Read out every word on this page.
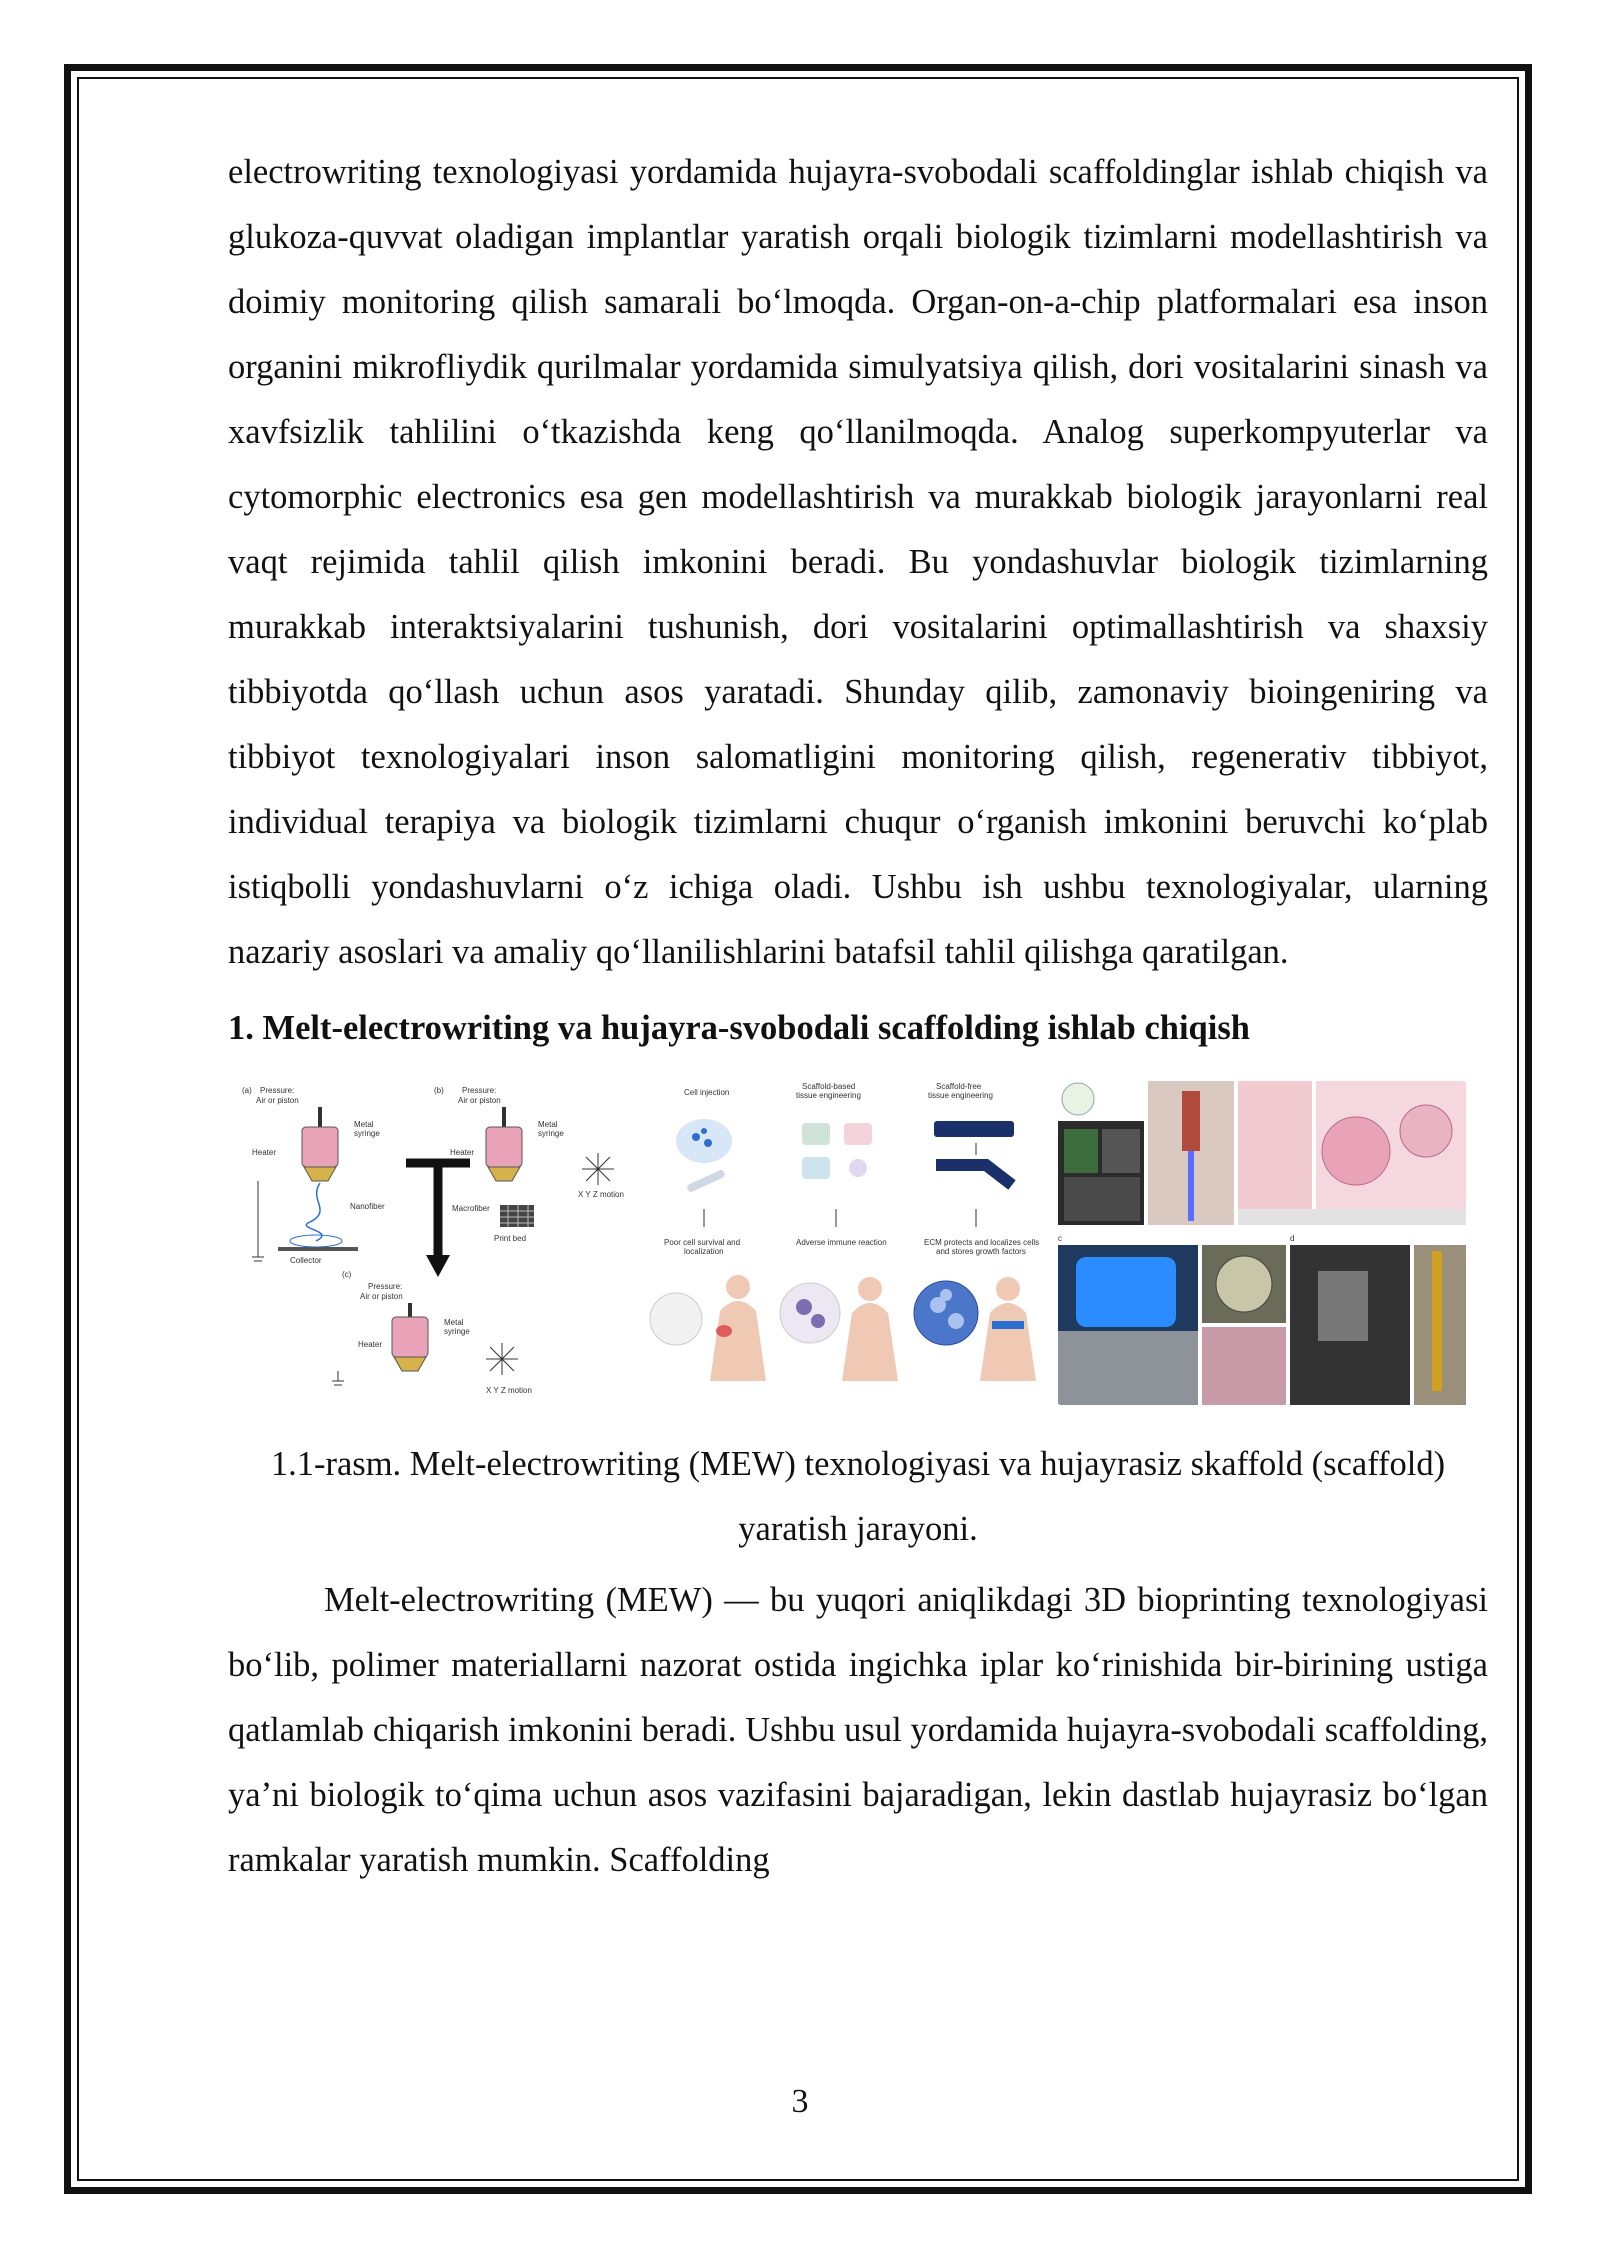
electrowriting texnologiyasi yordamida hujayra-svobodali scaffoldinglar ishlab chiqish va glukoza-quvvat oladigan implantlar yaratish orqali biologik tizimlarni modellashtirish va doimiy monitoring qilish samarali boʻlmoqda. Organ-on-a-chip platformalari esa inson organini mikrofliydik qurilmalar yordamida simulyatsiya qilish, dori vositalarini sinash va xavfsizlik tahlilini oʻtkazishda keng qoʻllanilmoqda. Analog superkompyuterlar va cytomorphic electronics esa gen modellashtirish va murakkab biologik jarayonlarni real vaqt rejimida tahlil qilish imkonini beradi. Bu yondashuvlar biologik tizimlarning murakkab interaktsiyalarini tushunish, dori vositalarini optimallashtirish va shaxsiy tibbiyotda qoʻllash uchun asos yaratadi. Shunday qilib, zamonaviy bioingeniring va tibbiyot texnologiyalari inson salomatligini monitoring qilish, regenerativ tibbiyot, individual terapiya va biologik tizimlarni chuqur oʻrganish imkonini beruvchi koʻplab istiqbolli yondashuvlarni oʻz ichiga oladi. Ushbu ish ushbu texnologiyalar, ularning nazariy asoslari va amaliy qoʻllanilishlarini batafsil tahlil qilishga qaratilgan.

1. Melt-electrowriting va hujayra-svobodali scaffolding ishlab chiqish
(a) Pressure:
Air or piston
Metal
syringe
Heater
Nanofiber
Collector
(b) Pressure:
Air or piston
Metal
syringe
Heater
Macrofiber
Print bed
X Y Z motion
(c)
Pressure:
Air or piston
Metal
syringe
Heater
X Y Z motion
Cell injection
Scaffold-based
tissue engineering
Scaffold-free
tissue engineering
Poor cell survival and
localization
Adverse immune reaction	ECM protects and localizes cells
and stores growth factors
c	d

1.1-rasm. Melt-electrowriting (MEW) texnologiyasi va hujayrasiz skaffold (scaffold) yaratish jarayoni.

Melt-electrowriting (MEW) — bu yuqori aniqlikdagi 3D bioprinting texnologiyasi boʻlib, polimer materiallarni nazorat ostida ingichka iplar koʻrinishida bir-birining ustiga qatlamlab chiqarish imkonini beradi. Ushbu usul yordamida hujayra-svobodali scaffolding, yaʼni biologik toʻqima uchun asos vazifasini bajaradigan, lekin dastlab hujayrasiz boʻlgan ramkalar yaratish mumkin. Scaffolding

3
